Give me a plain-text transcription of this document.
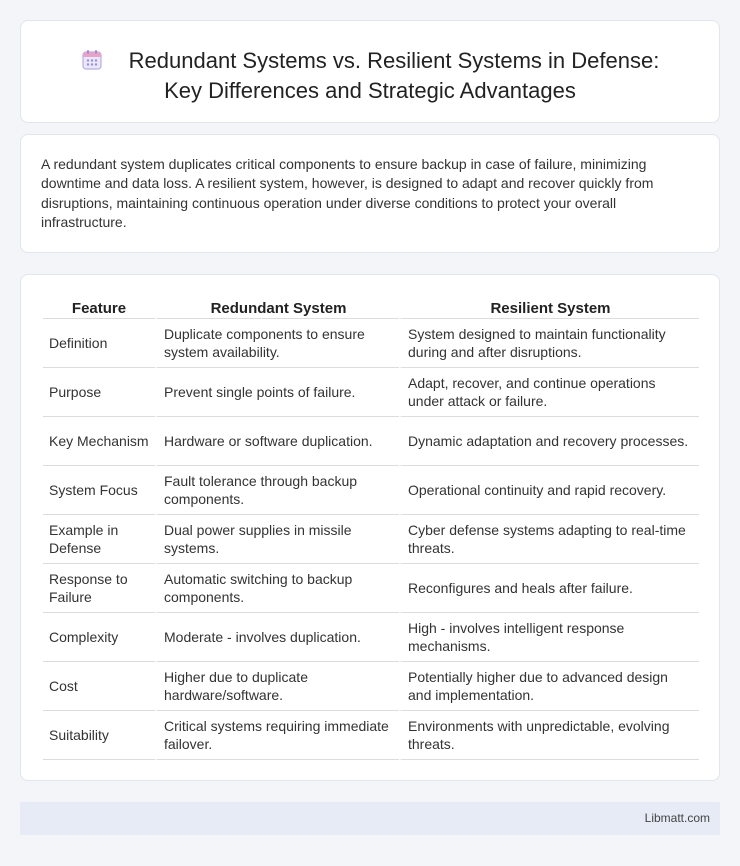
Redundant Systems vs. Resilient Systems in Defense:
Key Differences and Strategic Advantages

A redundant system duplicates critical components to ensure backup in case of failure, minimizing downtime and data loss. A resilient system, however, is designed to adapt and recover quickly from disruptions, maintaining continuous operation under diverse conditions to protect your overall infrastructure.

Feature	Redundant System	Resilient System
Definition	Duplicate components to ensure system availability.	System designed to maintain functionality during and after disruptions.
Purpose	Prevent single points of failure.	Adapt, recover, and continue operations under attack or failure.
Key Mechanism	Hardware or software duplication.	Dynamic adaptation and recovery processes.
System Focus	Fault tolerance through backup components.	Operational continuity and rapid recovery.
Example in Defense	Dual power supplies in missile systems.	Cyber defense systems adapting to real-time threats.
Response to Failure	Automatic switching to backup components.	Reconfigures and heals after failure.
Complexity	Moderate - involves duplication.	High - involves intelligent response mechanisms.
Cost	Higher due to duplicate hardware/software.	Potentially higher due to advanced design and implementation.
Suitability	Critical systems requiring immediate failover.	Environments with unpredictable, evolving threats.
Libmatt.com
